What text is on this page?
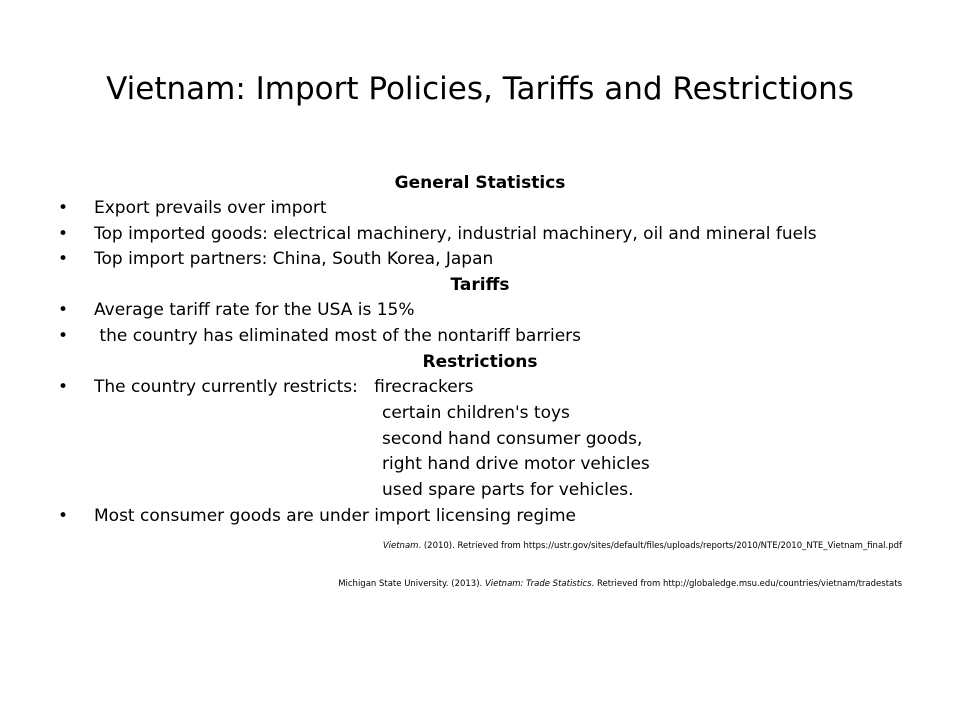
Vietnam: Import Policies, Tariffs and Restrictions
General Statistics
• Export prevails over import
• Top imported goods: electrical machinery, industrial machinery, oil and mineral fuels
• Top import partners: China, South Korea, Japan
Tariffs
• Average tariff rate for the USA is 15%
• the country has eliminated most of the nontariff barriers
Restrictions
• The country currently restricts:   firecrackers
certain children's toys
second hand consumer goods,
right hand drive motor vehicles
used spare parts for vehicles.
• Most consumer goods are under import licensing regime
Vietnam. (2010). Retrieved from https://ustr.gov/sites/default/files/uploads/reports/2010/NTE/2010_NTE_Vietnam_final.pdf
Michigan State University. (2013). Vietnam: Trade Statistics. Retrieved from http://globaledge.msu.edu/countries/vietnam/tradestats
